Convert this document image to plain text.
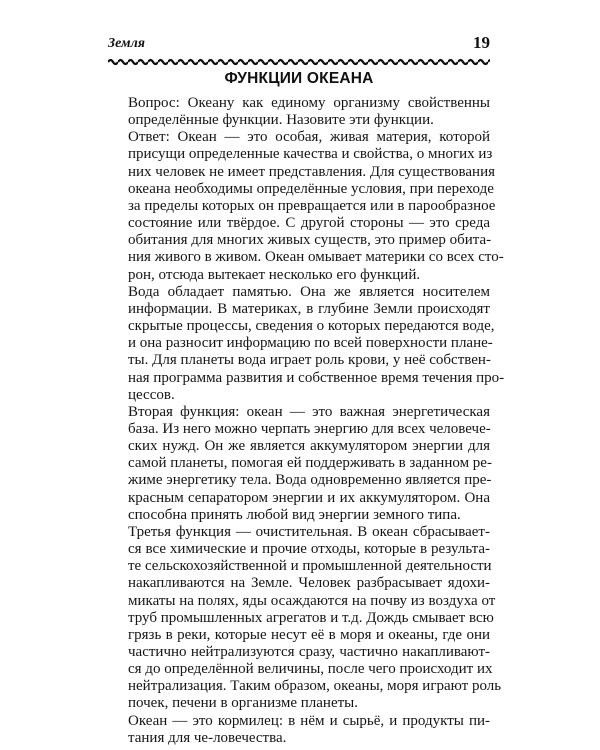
Земля	19
ФУНКЦИИ ОКЕАНА
Вопрос: Океану как единому организму свойственны
определённые функции. Назовите эти функции.
Ответ: Океан — это особая, живая материя, которой
присущи определенные качества и свойства, о многих из
них человек не имеет представления. Для существования
океана необходимы определённые условия, при переходе
за пределы которых он превращается или в парообразное
состояние или твёрдое. С другой стороны — это среда
обитания для многих живых существ, это пример обита-
ния живого в живом. Океан омывает материки со всех сто-
рон, отсюда вытекает несколько его функций.
Вода обладает памятью. Она же является носителем
информации. В материках, в глубине Земли происходят
скрытые процессы, сведения о которых передаются воде,
и она разносит информацию по всей поверхности плане-
ты. Для планеты вода играет роль крови, у неё собствен-
ная программа развития и собственное время течения про-
цессов.
Вторая функция: океан — это важная энергетическая
база. Из него можно черпать энергию для всех человече-
ских нужд. Он же является аккумулятором энергии для
самой планеты, помогая ей поддерживать в заданном ре-
жиме энергетику тела. Вода одновременно является пре-
красным сепаратором энергии и их аккумулятором. Она
способна принять любой вид энергии земного типа.
Третья функция — очистительная. В океан сбрасывает-
ся все химические и прочие отходы, которые в результа-
те сельскохозяйственной и промышленной деятельности
накапливаются на Земле. Человек разбрасывает ядохи-
микаты на полях, яды осаждаются на почву из воздуха от
труб промышленных агрегатов и т.д. Дождь смывает всю
грязь в реки, которые несут её в моря и океаны, где они
частично нейтрализуются сразу, частично накапливают-
ся до определённой величины, после чего происходит их
нейтрализация. Таким образом, океаны, моря играют роль
почек, печени в организме планеты.
Океан — это кормилец: в нём и сырьё, и продукты пи-
тания для че-ловечества.
